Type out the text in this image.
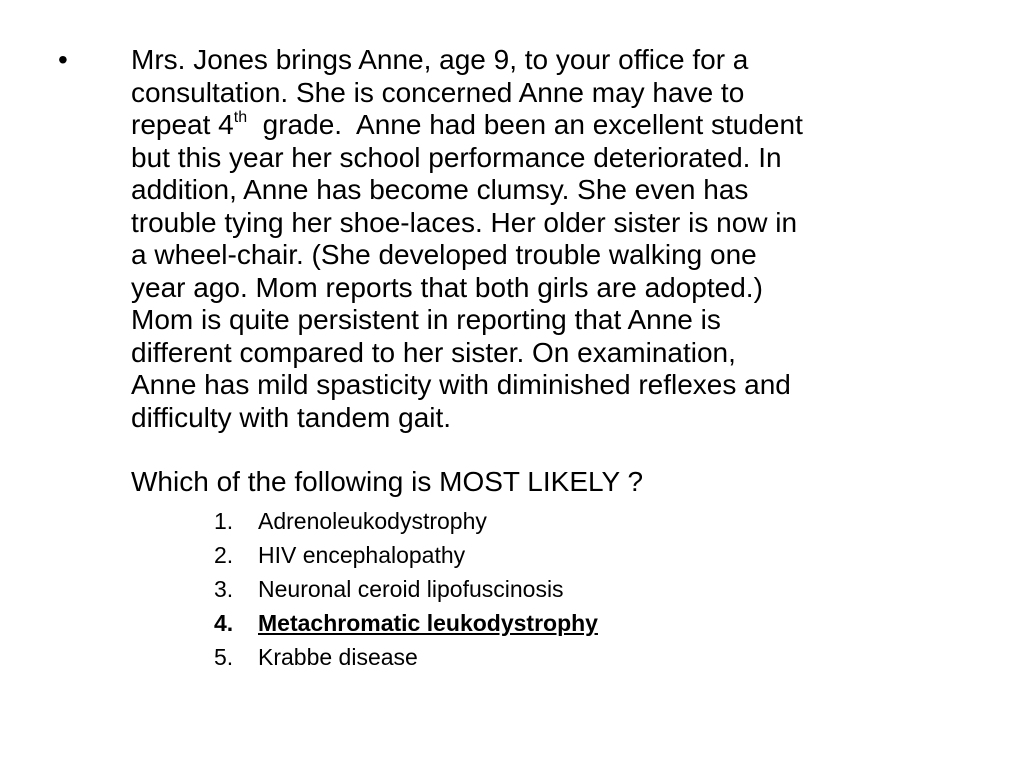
• Mrs. Jones brings Anne, age 9, to your office for a
consultation. She is concerned Anne may have to
repeat 4th  grade.  Anne had been an excellent student
but this year her school performance deteriorated. In
addition, Anne has become clumsy. She even has
trouble tying her shoe-laces. Her older sister is now in
a wheel-chair. (She developed trouble walking one
year ago. Mom reports that both girls are adopted.)
Mom is quite persistent in reporting that Anne is
different compared to her sister. On examination,
Anne has mild spasticity with diminished reflexes and
difficulty with tandem gait.
Which of the following is MOST LIKELY ?
1. Adrenoleukodystrophy
2. HIV encephalopathy
3. Neuronal ceroid lipofuscinosis
4. Metachromatic leukodystrophy
5. Krabbe disease
